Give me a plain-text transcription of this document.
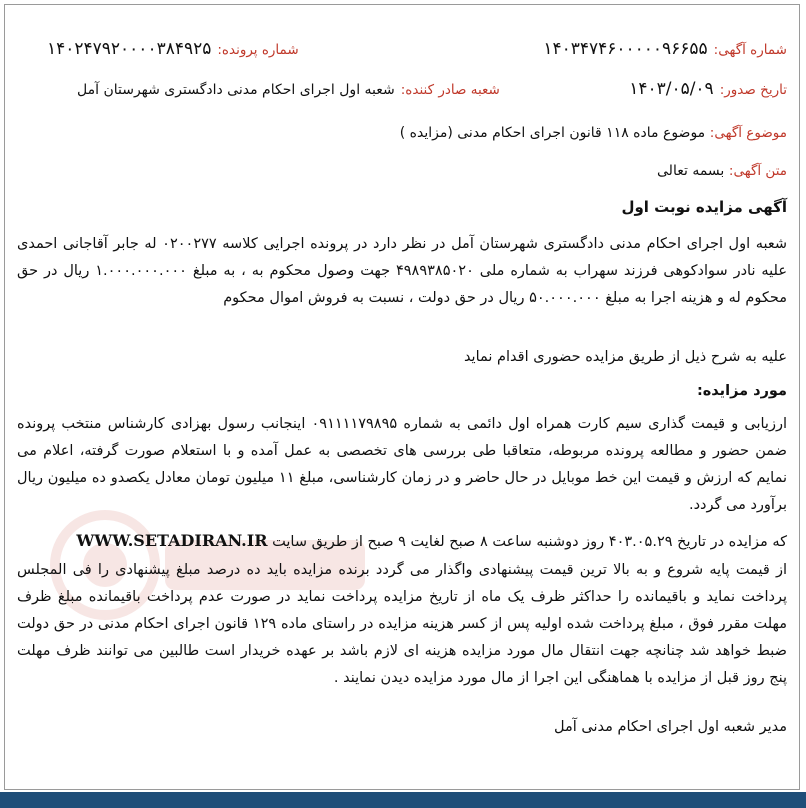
شماره آگهی:
۱۴۰۳۴۷۴۶۰۰۰۰۰۹۶۶۵۵
شماره پرونده:
۱۴۰۲۴۷۹۲۰۰۰۰۳۸۴۹۲۵
تاریخ صدور:
۱۴۰۳/۰۵/۰۹
شعبه صادر کننده:
شعبه اول اجرای احکام مدنی دادگستری شهرستان آمل
موضوع آگهی: موضوع ماده ۱۱۸ قانون اجرای احکام مدنی (مزایده )
متن آگهی: بسمه تعالی
آگهی مزایده نوبت اول
شعبه اول اجرای احکام مدنی دادگستری شهرستان آمل در نظر دارد در پرونده اجرایی کلاسه ۰۲۰۰۲۷۷ له جابر آقاجانی احمدی علیه نادر سوادکوهی فرزند سهراب به شماره ملی ۴۹۸۹۳۸۵۰۲۰ جهت وصول محکوم به ، به مبلغ ۱.۰۰۰.۰۰۰.۰۰۰ ریال در حق محکوم له و هزینه اجرا به مبلغ ۵۰.۰۰۰.۰۰۰ ریال در حق دولت ، نسبت به فروش اموال محکوم
علیه به شرح ذیل از طریق مزایده حضوری اقدام نماید
مورد مزایده:
ارزیابی و قیمت گذاری سیم کارت همراه اول دائمی به شماره ۰۹۱۱۱۱۷۹۸۹۵ اینجانب رسول بهزادی کارشناس منتخب پرونده ضمن حضور و مطالعه پرونده مربوطه، متعاقبا طی بررسی های تخصصی به عمل آمده و با استعلام صورت گرفته، اعلام می نمایم که ارزش و قیمت این خط موبایل در حال حاضر و در زمان کارشناسی، مبلغ ۱۱ میلیون تومان معادل یکصدو ده میلیون ریال برآورد می گردد.
که مزایده در تاریخ ۴۰۳.۰۵.۲۹ روز دوشنبه ساعت ۸ صبح لغایت ۹ صبح از طریق سایت WWW.SETADIRAN.IR
از قیمت پایه شروع و به بالا ترین قیمت پیشنهادی واگذار می گردد برنده مزایده باید ده درصد مبلغ پیشنهادی را فی المجلس پرداخت نماید و باقیمانده را حداکثر ظرف یک ماه از تاریخ مزایده پرداخت نماید در صورت عدم پرداخت باقیمانده مبلغ ظرف مهلت مقرر فوق ، مبلغ پرداخت شده اولیه پس از کسر هزینه مزایده در راستای ماده ۱۲۹ قانون اجرای احکام مدنی در حق دولت ضبط خواهد شد چنانچه جهت انتقال مال مورد مزایده هزینه ای لازم باشد بر عهده خریدار است طالبین می توانند ظرف مهلت پنج روز قبل از مزایده با هماهنگی این اجرا از مال مورد مزایده دیدن نمایند .
مدیر شعبه اول اجرای احکام مدنی آمل
